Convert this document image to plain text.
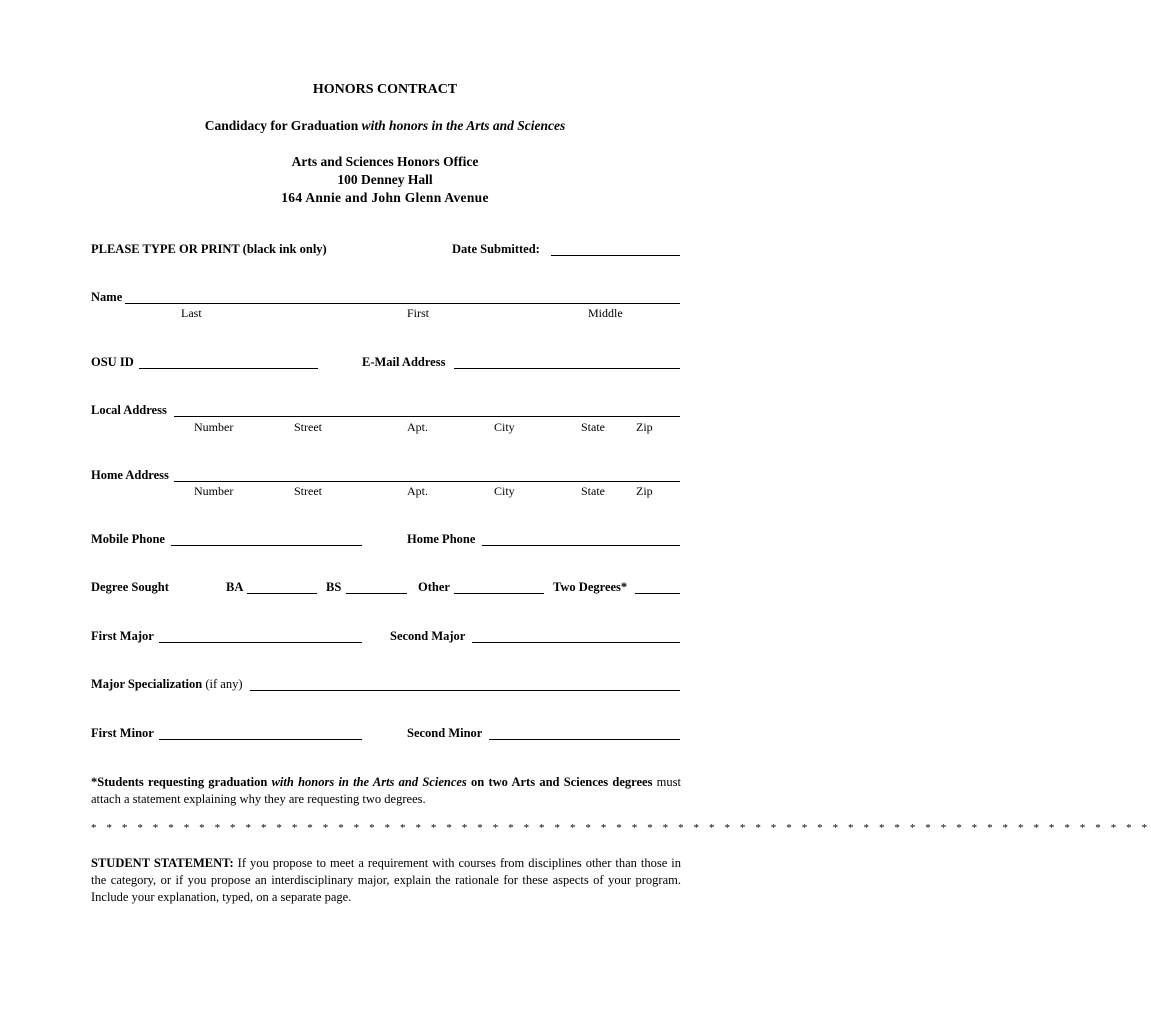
HONORS CONTRACT
Candidacy for Graduation with honors in the Arts and Sciences
Arts and Sciences Honors Office
100 Denney Hall
164 Annie and John Glenn Avenue
PLEASE TYPE OR PRINT (black ink only)	Date Submitted:
Name
Last	First	Middle
OSU ID	E-Mail Address
Local Address
Number	Street	Apt.	City	State	Zip
Home Address
Number	Street	Apt.	City	State	Zip
Mobile Phone	Home Phone
Degree Sought	BA	BS	Other	Two Degrees*
First Major	Second Major
Major Specialization (if any)
First Minor	Second Minor
*Students requesting graduation with honors in the Arts and Sciences on two Arts and Sciences degrees must attach a statement explaining why they are requesting two degrees.
* * * * * * * * * * * * * * * * * * * * * * * * * * * * * * * * * * * * * * * * * * * * * * * * * * * * * * * * * * * * * * * * * * * * *
STUDENT STATEMENT: If you propose to meet a requirement with courses from disciplines other than those in the category, or if you propose an interdisciplinary major, explain the rationale for these aspects of your program. Include your explanation, typed, on a separate page.
